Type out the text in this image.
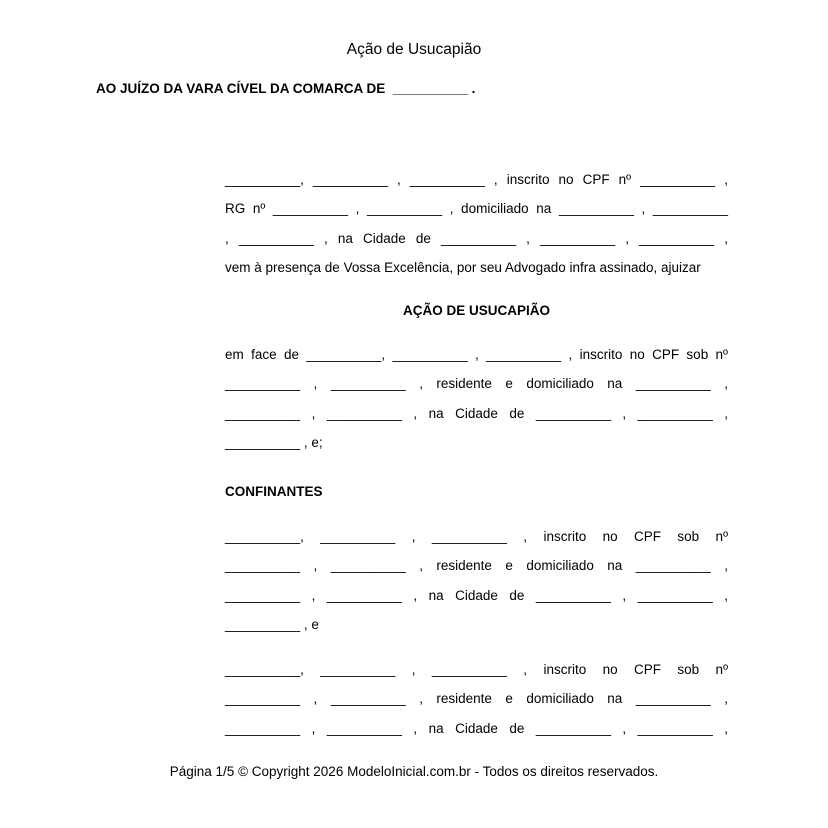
Ação de Usucapião
AO JUÍZO DA VARA CÍVEL DA COMARCA DE  __________ .
__________, __________ , __________ , inscrito no CPF nº __________ ,
RG nº __________ , __________ , domiciliado na __________ , __________
, __________ , na Cidade de __________ , __________ , __________ ,
vem à presença de Vossa Excelência, por seu Advogado infra assinado, ajuizar
AÇÃO DE USUCAPIÃO
em face de __________, __________ , __________ , inscrito no CPF sob nº
__________ , __________ , residente e domiciliado na __________ ,
__________ , __________ , na Cidade de __________ , __________ ,
__________ , e;
CONFINANTES
__________, __________ , __________ , inscrito no CPF sob nº
__________ , __________ , residente e domiciliado na __________ ,
__________ , __________ , na Cidade de __________ , __________ ,
__________ , e
__________, __________ , __________ , inscrito no CPF sob nº
__________ , __________ , residente e domiciliado na __________ ,
__________ , __________ , na Cidade de __________ , __________ ,
Página 1/5 © Copyright 2026 ModeloInicial.com.br - Todos os direitos reservados.
